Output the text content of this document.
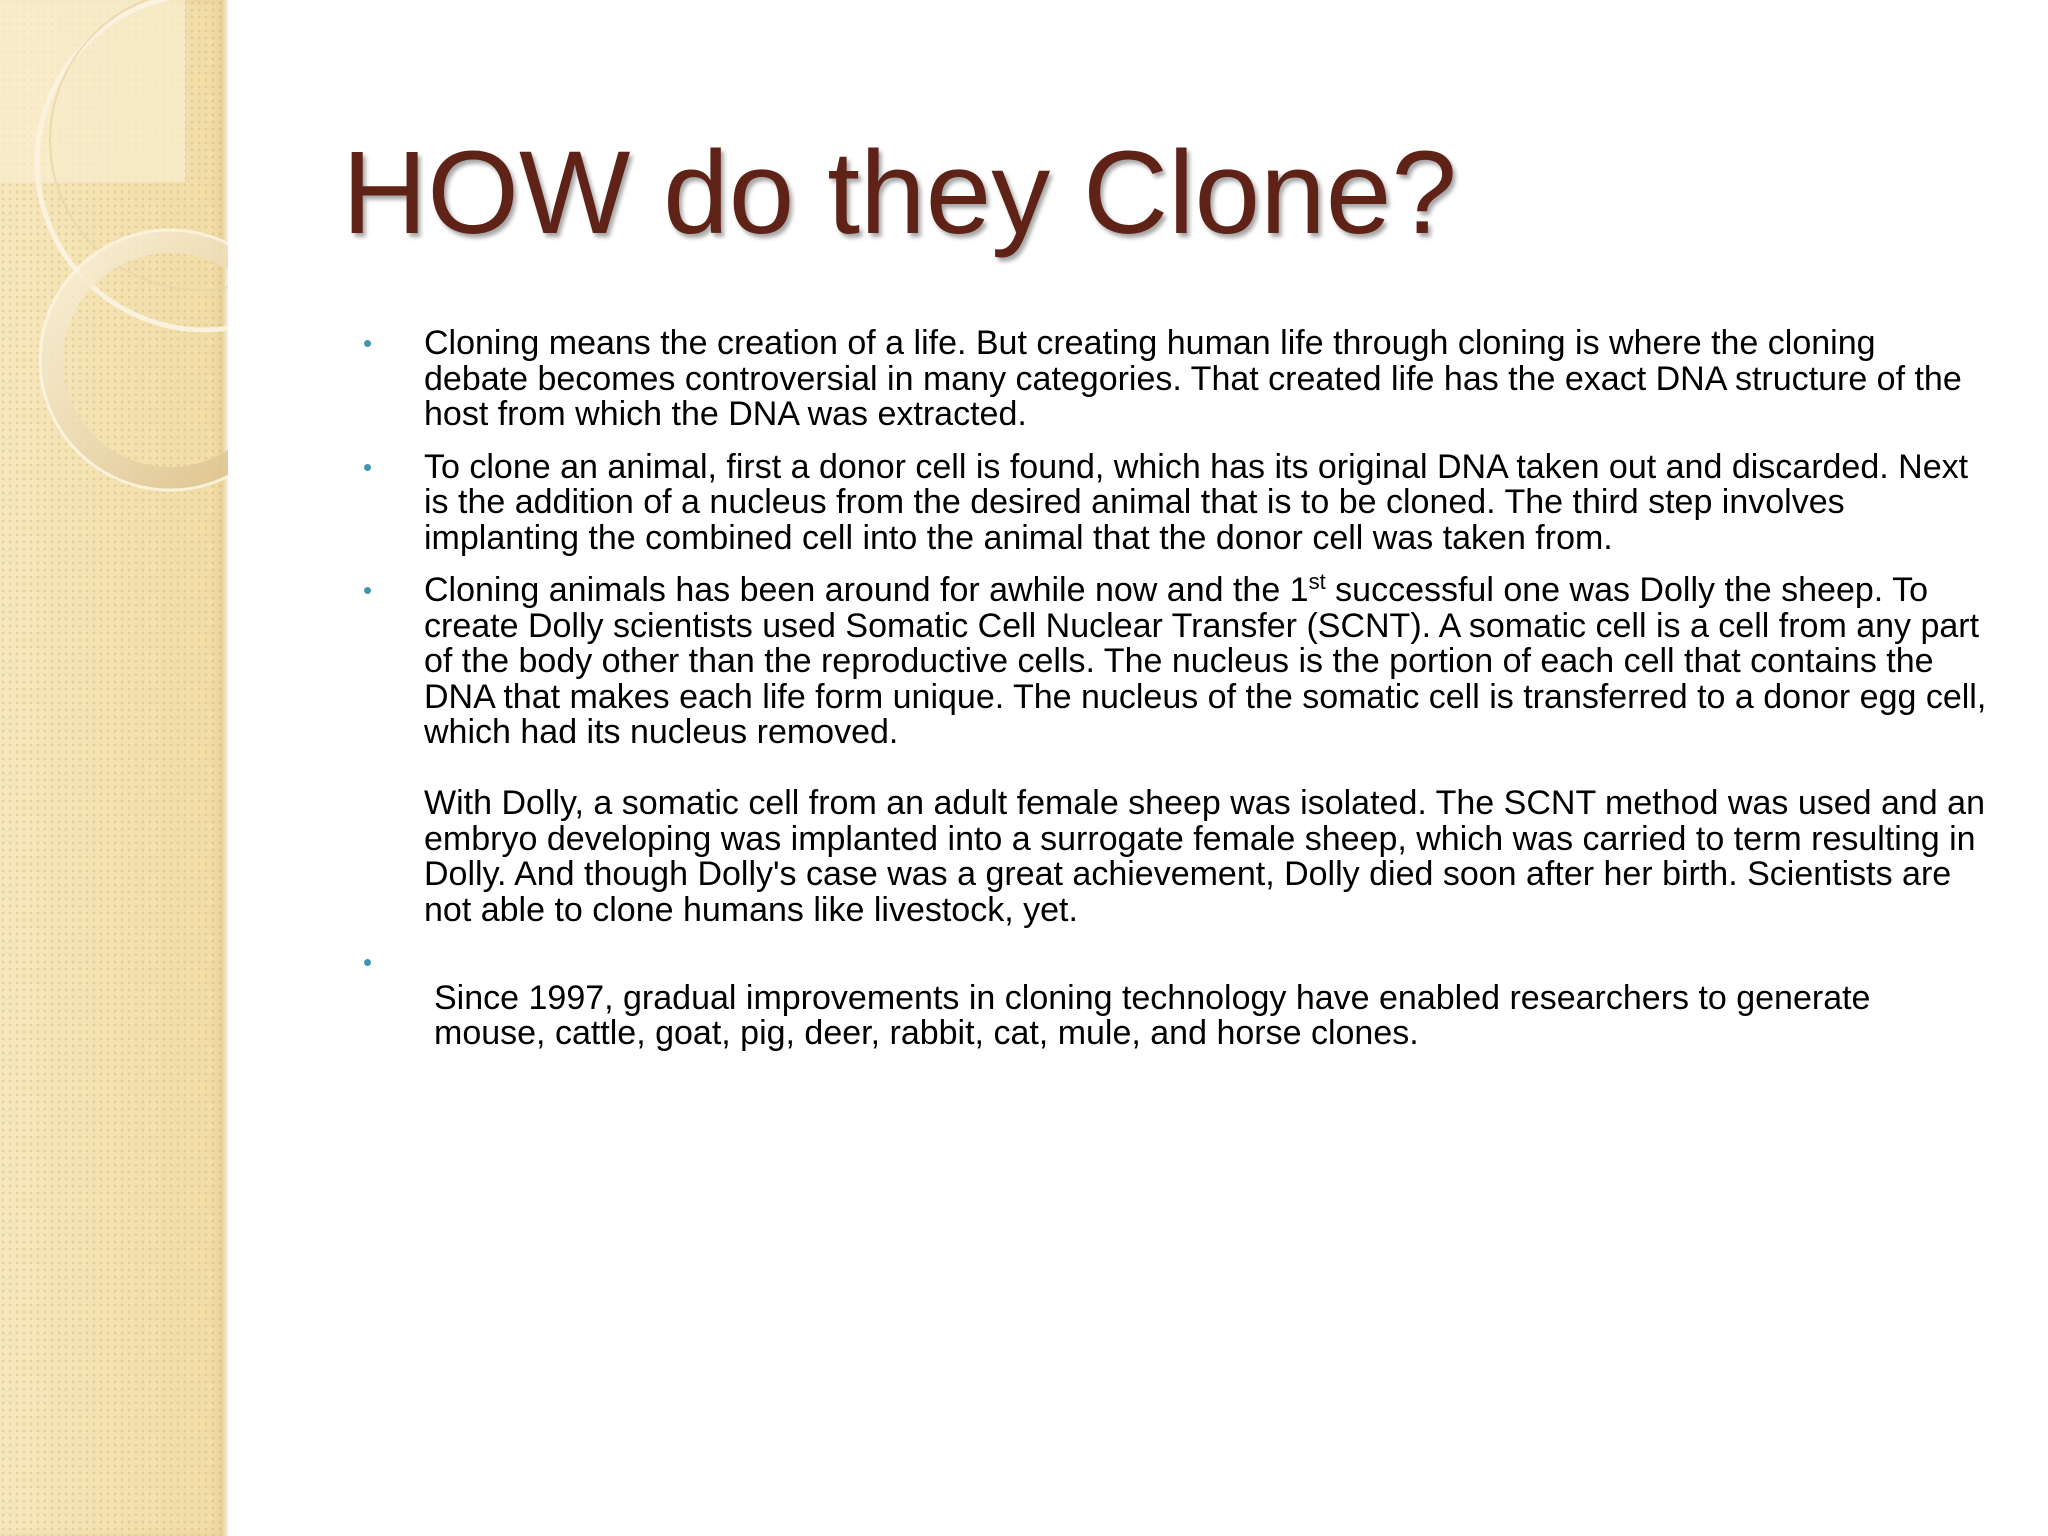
HOW do they Clone?
• Cloning means the creation of a life. But creating human life through cloning is where the cloning debate becomes controversial in many categories. That created life has the exact DNA structure of the host from which the DNA was extracted.
• To clone an animal, first a donor cell is found, which has its original DNA taken out and discarded. Next is the addition of a nucleus from the desired animal that is to be cloned. The third step involves implanting the combined cell into the animal that the donor cell was taken from.
• Cloning animals has been around for awhile now and the 1st successful one was Dolly the sheep. To create Dolly scientists used Somatic Cell Nuclear Transfer (SCNT). A somatic cell is a cell from any part of the body other than the reproductive cells. The nucleus is the portion of each cell that contains the DNA that makes each life form unique. The nucleus of the somatic cell is transferred to a donor egg cell, which had its nucleus removed.
With Dolly, a somatic cell from an adult female sheep was isolated. The SCNT method was used and an embryo developing was implanted into a surrogate female sheep, which was carried to term resulting in Dolly. And though Dolly's case was a great achievement, Dolly died soon after her birth. Scientists are not able to clone humans like livestock, yet.
•
Since 1997, gradual improvements in cloning technology have enabled researchers to generate mouse, cattle, goat, pig, deer, rabbit, cat, mule, and horse clones.
